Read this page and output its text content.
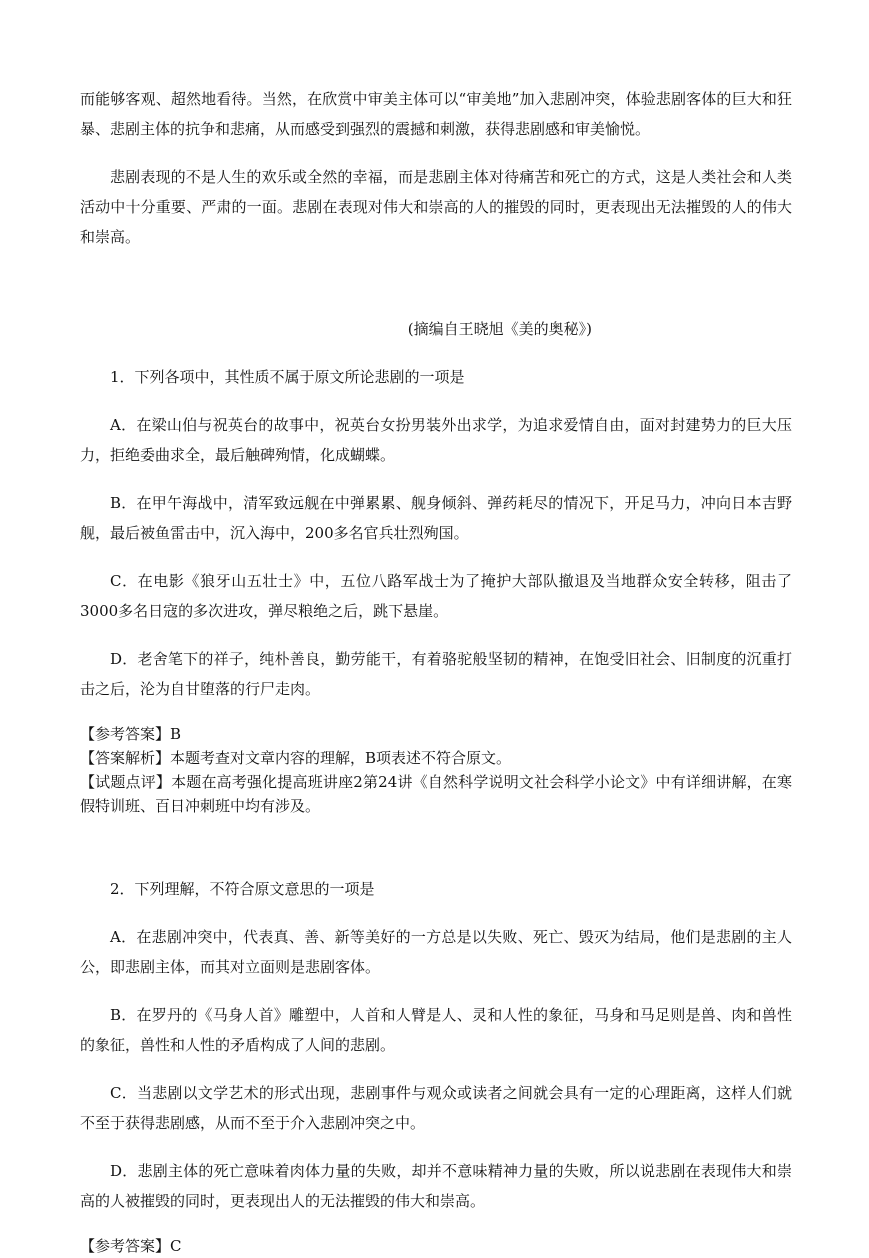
而能够客观、超然地看待。当然，在欣赏中审美主体可以“审美地”加入悲剧冲突，体验悲剧客体的巨大和狂暴、悲剧主体的抗争和悲痛，从而感受到强烈的震撼和刺激，获得悲剧感和审美愉悦。

悲剧表现的不是人生的欢乐或全然的幸福，而是悲剧主体对待痛苦和死亡的方式，这是人类社会和人类活动中十分重要、严肃的一面。悲剧在表现对伟大和崇高的人的摧毁的同时，更表现出无法摧毁的人的伟大和崇高。

(摘编自王晓旭《美的奥秘》)

1．下列各项中，其性质不属于原文所论悲剧的一项是

A．在梁山伯与祝英台的故事中，祝英台女扮男装外出求学，为追求爱情自由，面对封建势力的巨大压力，拒绝委曲求全，最后触碑殉情，化成蝴蝶。

B．在甲午海战中，清军致远舰在中弹累累、舰身倾斜、弹药耗尽的情况下，开足马力，冲向日本吉野舰，最后被鱼雷击中，沉入海中，200多名官兵壮烈殉国。

C．在电影《狼牙山五壮士》中，五位八路军战士为了掩护大部队撤退及当地群众安全转移，阻击了3000多名日寇的多次进攻，弹尽粮绝之后，跳下悬崖。

D．老舍笔下的祥子，纯朴善良，勤劳能干，有着骆驼般坚韧的精神，在饱受旧社会、旧制度的沉重打击之后，沦为自甘堕落的行尸走肉。

【参考答案】B

【答案解析】本题考查对文章内容的理解，B项表述不符合原文。

【试题点评】本题在高考强化提高班讲座2第24讲《自然科学说明文社会科学小论文》中有详细讲解，在寒假特训班、百日冲刺班中均有涉及。

2．下列理解，不符合原文意思的一项是

A．在悲剧冲突中，代表真、善、新等美好的一方总是以失败、死亡、毁灭为结局，他们是悲剧的主人公，即悲剧主体，而其对立面则是悲剧客体。

B．在罗丹的《马身人首》雕塑中，人首和人臂是人、灵和人性的象征，马身和马足则是兽、肉和兽性的象征，兽性和人性的矛盾构成了人间的悲剧。

C．当悲剧以文学艺术的形式出现，悲剧事件与观众或读者之间就会具有一定的心理距离，这样人们就不至于获得悲剧感，从而不至于介入悲剧冲突之中。

D．悲剧主体的死亡意味着肉体力量的失败，却并不意味精神力量的失败，所以说悲剧在表现伟大和崇高的人被摧毁的同时，更表现出人的无法摧毁的伟大和崇高。

【参考答案】C
